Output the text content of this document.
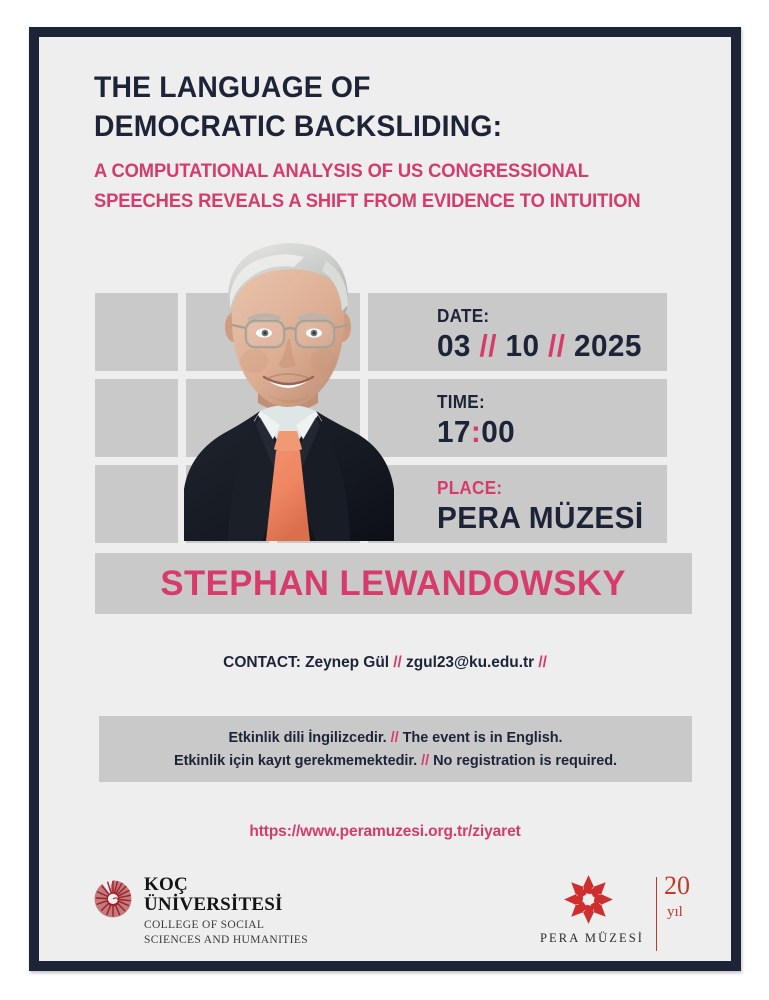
THE LANGUAGE OF
DEMOCRATIC BACKSLIDING:
A COMPUTATIONAL ANALYSIS OF US CONGRESSIONAL
SPEECHES REVEALS A SHIFT FROM EVIDENCE TO INTUITION
DATE:
03 // 10 // 2025
TIME:
17:00
PLACE:
PERA MÜZESİ
STEPHAN LEWANDOWSKY
CONTACT: Zeynep Gül // zgul23@ku.edu.tr //
Etkinlik dili İngilizcedir. // The event is in English.
Etkinlik için kayıt gerekmemektedir. // No registration is required.
https://www.peramuzesi.org.tr/ziyaret
KOÇ
ÜNİVERSİTESİ
COLLEGE OF SOCIAL
SCIENCES AND HUMANITIES	PERA MÜZESİ
20
yıl
